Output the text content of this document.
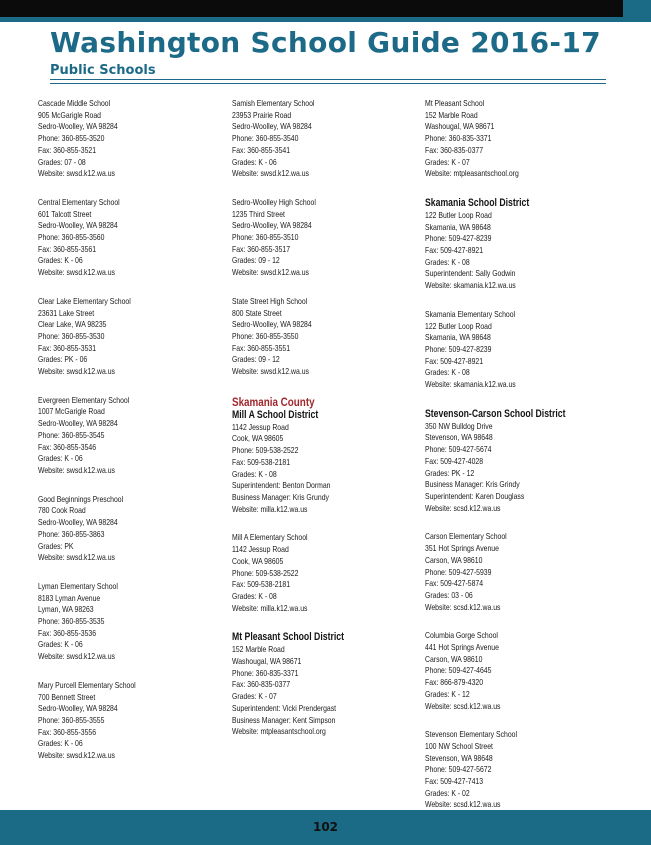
Washington School Guide 2016-17
Public Schools
Cascade Middle School
905 McGarigle Road
Sedro-Woolley, WA 98284
Phone: 360-855-3520
Fax: 360-855-3521
Grades: 07 - 08
Website: swsd.k12.wa.us
Central Elementary School
601 Talcott Street
Sedro-Woolley, WA 98284
Phone: 360-855-3560
Fax: 360-855-3561
Grades: K - 06
Website: swsd.k12.wa.us
Clear Lake Elementary School
23631 Lake Street
Clear Lake, WA 98235
Phone: 360-855-3530
Fax: 360-855-3531
Grades: PK - 06
Website: swsd.k12.wa.us
Evergreen Elementary School
1007 McGarigle Road
Sedro-Woolley, WA 98284
Phone: 360-855-3545
Fax: 360-855-3546
Grades: K - 06
Website: swsd.k12.wa.us
Good Beginnings Preschool
780 Cook Road
Sedro-Woolley, WA 98284
Phone: 360-855-3863
Grades: PK
Website: swsd.k12.wa.us
Lyman Elementary School
8183 Lyman Avenue
Lyman, WA 98263
Phone: 360-855-3535
Fax: 360-855-3536
Grades: K - 06
Website: swsd.k12.wa.us
Mary Purcell Elementary School
700 Bennett Street
Sedro-Woolley, WA 98284
Phone: 360-855-3555
Fax: 360-855-3556
Grades: K - 06
Website: swsd.k12.wa.us
Samish Elementary School
23953 Prairie Road
Sedro-Woolley, WA 98284
Phone: 360-855-3540
Fax: 360-855-3541
Grades: K - 06
Website: swsd.k12.wa.us
Sedro-Woolley High School
1235 Third Street
Sedro-Woolley, WA 98284
Phone: 360-855-3510
Fax: 360-855-3517
Grades: 09 - 12
Website: swsd.k12.wa.us
State Street High School
800 State Street
Sedro-Woolley, WA 98284
Phone: 360-855-3550
Fax: 360-855-3551
Grades: 09 - 12
Website: swsd.k12.wa.us
Skamania County
Mill A School District
1142 Jessup Road
Cook, WA 98605
Phone: 509-538-2522
Fax: 509-538-2181
Grades: K - 08
Superintendent: Benton Dorman
Business Manager: Kris Grundy
Website: milla.k12.wa.us
Mill A Elementary School
1142 Jessup Road
Cook, WA 98605
Phone: 509-538-2522
Fax: 509-538-2181
Grades: K - 08
Website: milla.k12.wa.us
Mt Pleasant School District
152 Marble Road
Washougal, WA 98671
Phone: 360-835-3371
Fax: 360-835-0377
Grades: K - 07
Superintendent: Vicki Prendergast
Business Manager: Kent Simpson
Website: mtpleasantschool.org
Mt Pleasant School
152 Marble Road
Washougal, WA 98671
Phone: 360-835-3371
Fax: 360-835-0377
Grades: K - 07
Website: mtpleasantschool.org
Skamania School District
122 Butler Loop Road
Skamania, WA 98648
Phone: 509-427-8239
Fax: 509-427-8921
Grades: K - 08
Superintendent: Sally Godwin
Website: skamania.k12.wa.us
Skamania Elementary School
122 Butler Loop Road
Skamania, WA 98648
Phone: 509-427-8239
Fax: 509-427-8921
Grades: K - 08
Website: skamania.k12.wa.us
Stevenson-Carson School District
350 NW Bulldog Drive
Stevenson, WA 98648
Phone: 509-427-5674
Fax: 509-427-4028
Grades: PK - 12
Business Manager: Kris Grindy
Superintendent: Karen Douglass
Website: scsd.k12.wa.us
Carson Elementary School
351 Hot Springs Avenue
Carson, WA 98610
Phone: 509-427-5939
Fax: 509-427-5874
Grades: 03 - 06
Website: scsd.k12.wa.us
Columbia Gorge School
441 Hot Springs Avenue
Carson, WA 98610
Phone: 509-427-4645
Fax: 866-879-4320
Grades: K - 12
Website: scsd.k12.wa.us
Stevenson Elementary School
100 NW School Street
Stevenson, WA 98648
Phone: 509-427-5672
Fax: 509-427-7413
Grades: K - 02
Website: scsd.k12.wa.us
102
